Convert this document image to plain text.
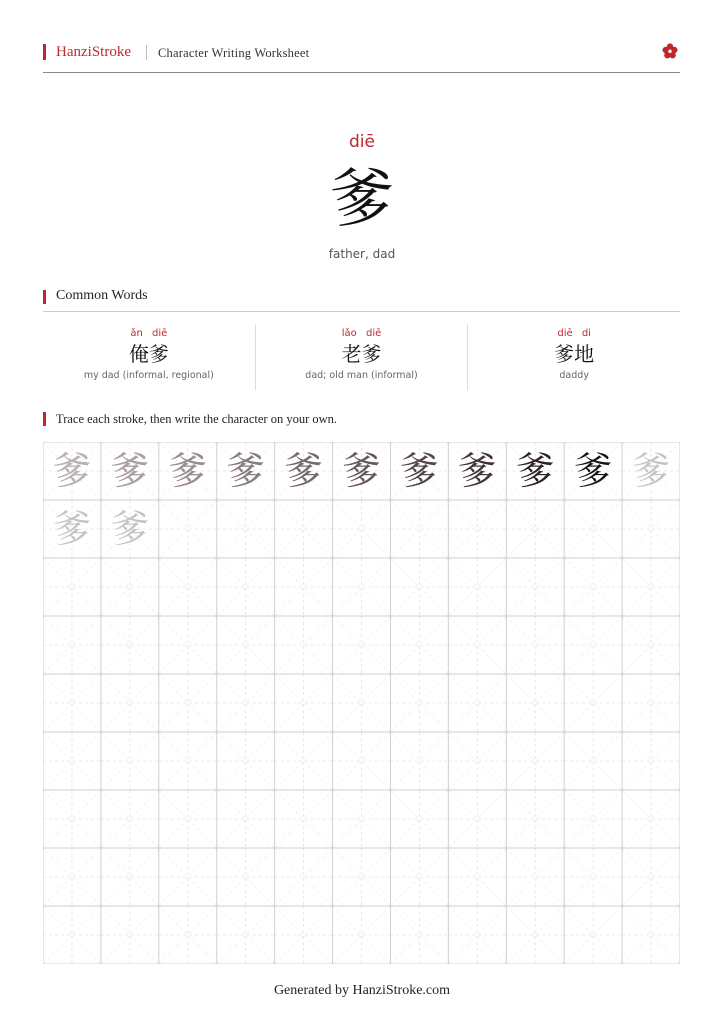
HanziStroke Character Writing Worksheet
diē
爹
father, dad
Common Words
ǎn diē
俺爹
my dad (informal, regional)
lǎo diē
老爹
dad; old man (informal)
diē di
爹地
daddy
Trace each stroke, then write the character on your own.
爹 爹 爹 爹 爹 爹 爹 爹 爹 爹 爹
爹 爹
Generated by HanziStroke.com
